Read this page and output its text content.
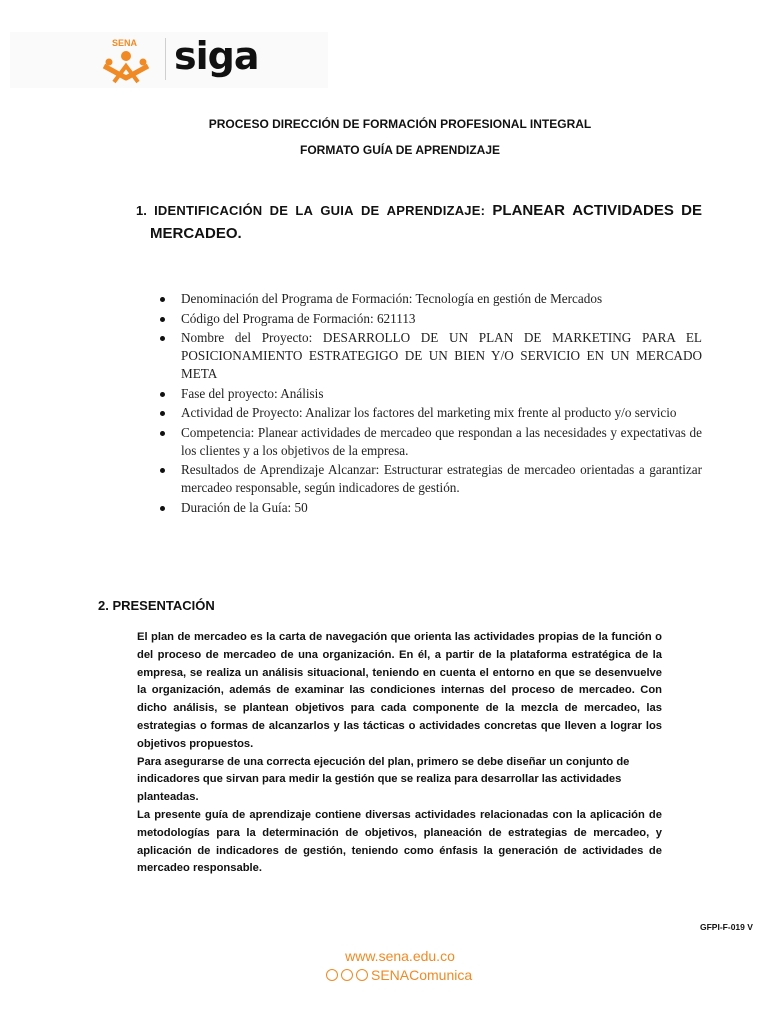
SENA siga
PROCESO DIRECCIÓN DE FORMACIÓN PROFESIONAL INTEGRAL
FORMATO GUÍA DE APRENDIZAJE
1. IDENTIFICACIÓN DE LA GUIA DE APRENDIZAJE: PLANEAR ACTIVIDADES DE
MERCADEO.
Denominación del Programa de Formación: Tecnología en gestión de Mercados
Código del Programa de Formación: 621113
Nombre del Proyecto: DESARROLLO DE UN PLAN DE MARKETING PARA EL POSICIONAMIENTO ESTRATEGIGO DE UN BIEN Y/O SERVICIO EN UN MERCADO META
Fase del proyecto: Análisis
Actividad de Proyecto: Analizar los factores del marketing mix frente al producto y/o servicio
Competencia: Planear actividades de mercadeo que respondan a las necesidades y expectativas de los clientes y a los objetivos de la empresa.
Resultados de Aprendizaje Alcanzar: Estructurar estrategias de mercadeo orientadas a garantizar mercadeo responsable, según indicadores de gestión.
Duración de la Guía: 50
2. PRESENTACIÓN

El plan de mercadeo es la carta de navegación que orienta las actividades propias de la función o del proceso de mercadeo de una organización. En él, a partir de la plataforma estratégica de la empresa, se realiza un análisis situacional, teniendo en cuenta el entorno en que se desenvuelve la organización, además de examinar las condiciones internas del proceso de mercadeo. Con dicho análisis, se plantean objetivos para cada componente de la mezcla de mercadeo, las estrategias o formas de alcanzarlos y las tácticas o actividades concretas que lleven a lograr los objetivos propuestos.

Para asegurarse de una correcta ejecución del plan, primero se debe diseñar un conjunto de indicadores que sirvan para medir la gestión que se realiza para desarrollar las actividades planteadas.

La presente guía de aprendizaje contiene diversas actividades relacionadas con la aplicación de metodologías para la determinación de objetivos, planeación de estrategias de mercadeo, y aplicación de indicadores de gestión, teniendo como énfasis la generación de actividades de mercadeo responsable.

GFPI-F-019 V
www.sena.edu.co
SENAComunica
